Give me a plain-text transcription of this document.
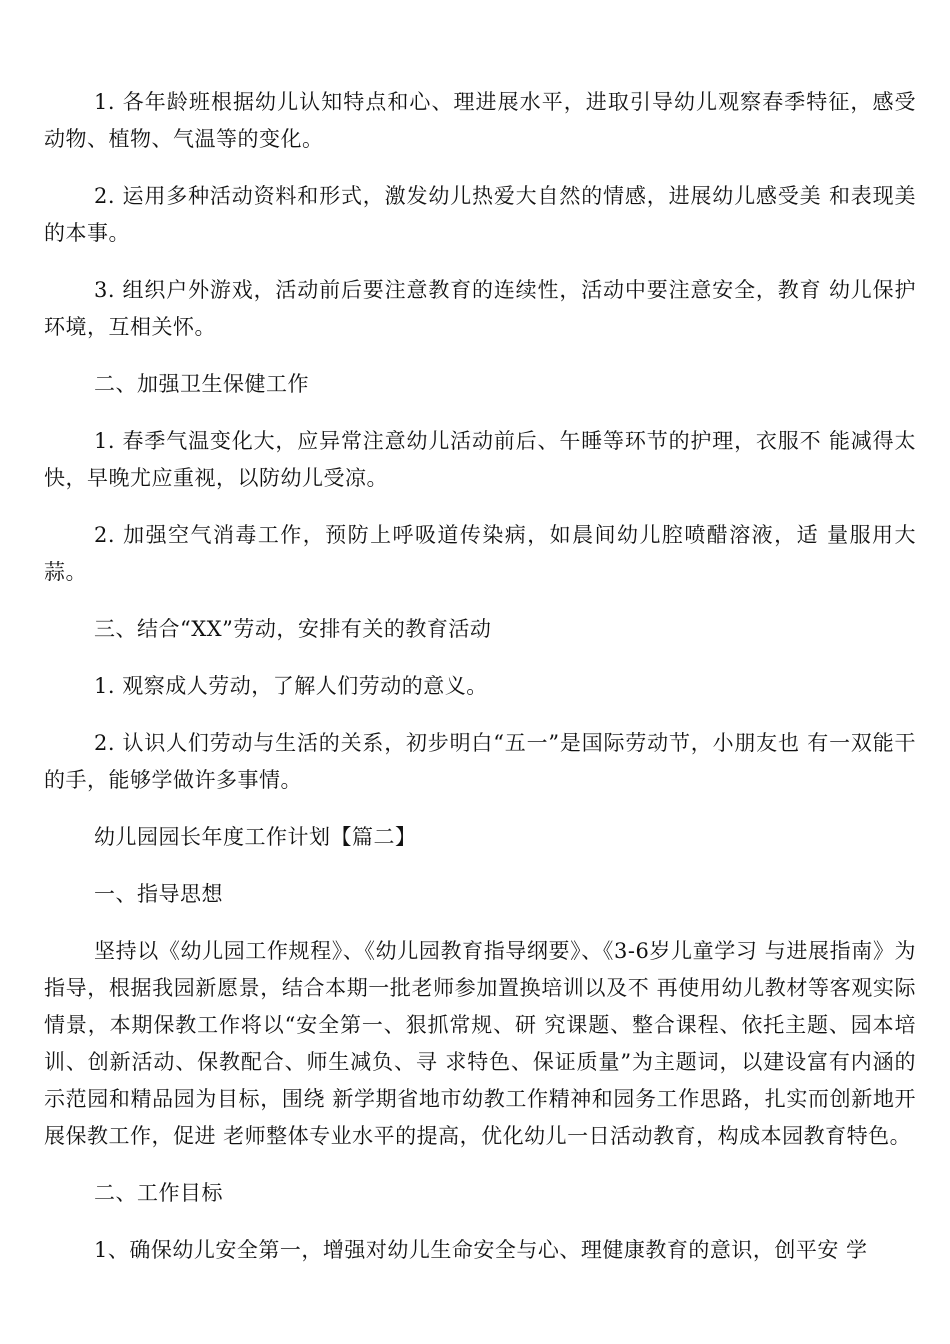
1. 各年龄班根据幼儿认知特点和心、理进展水平，进取引导幼儿观察春季特征，感受动物、植物、气温等的变化。

2. 运用多种活动资料和形式，激发幼儿热爱大自然的情感，进展幼儿感受美 和表现美的本事。

3. 组织户外游戏，活动前后要注意教育的连续性，活动中要注意安全，教育 幼儿保护环境，互相关怀。

二、加强卫生保健工作

1. 春季气温变化大，应异常注意幼儿活动前后、午睡等环节的护理，衣服不 能减得太快，早晚尤应重视，以防幼儿受凉。

2. 加强空气消毒工作，预防上呼吸道传染病，如晨间幼儿腔喷醋溶液，适 量服用大蒜。

三、结合“XX”劳动，安排有关的教育活动

1. 观察成人劳动，了解人们劳动的意义。

2. 认识人们劳动与生活的关系，初步明白“五一”是国际劳动节，小朋友也 有一双能干的手，能够学做许多事情。

幼儿园园长年度工作计划【篇二】

一、指导思想

坚持以《幼儿园工作规程》、《幼儿园教育指导纲要》、《3-6岁儿童学习 与进展指南》为指导，根据我园新愿景，结合本期一批老师参加置换培训以及不 再使用幼儿教材等客观实际情景，本期保教工作将以“安全第一、狠抓常规、研 究课题、整合课程、依托主题、园本培训、创新活动、保教配合、师生减负、寻 求特色、保证质量”为主题词，以建设富有内涵的示范园和精品园为目标，围绕 新学期省地市幼教工作精神和园务工作思路，扎实而创新地开展保教工作，促进 老师整体专业水平的提高，优化幼儿一日活动教育，构成本园教育特色。

二、工作目标

1、确保幼儿安全第一，增强对幼儿生命安全与心、理健康教育的意识，创平安 学
